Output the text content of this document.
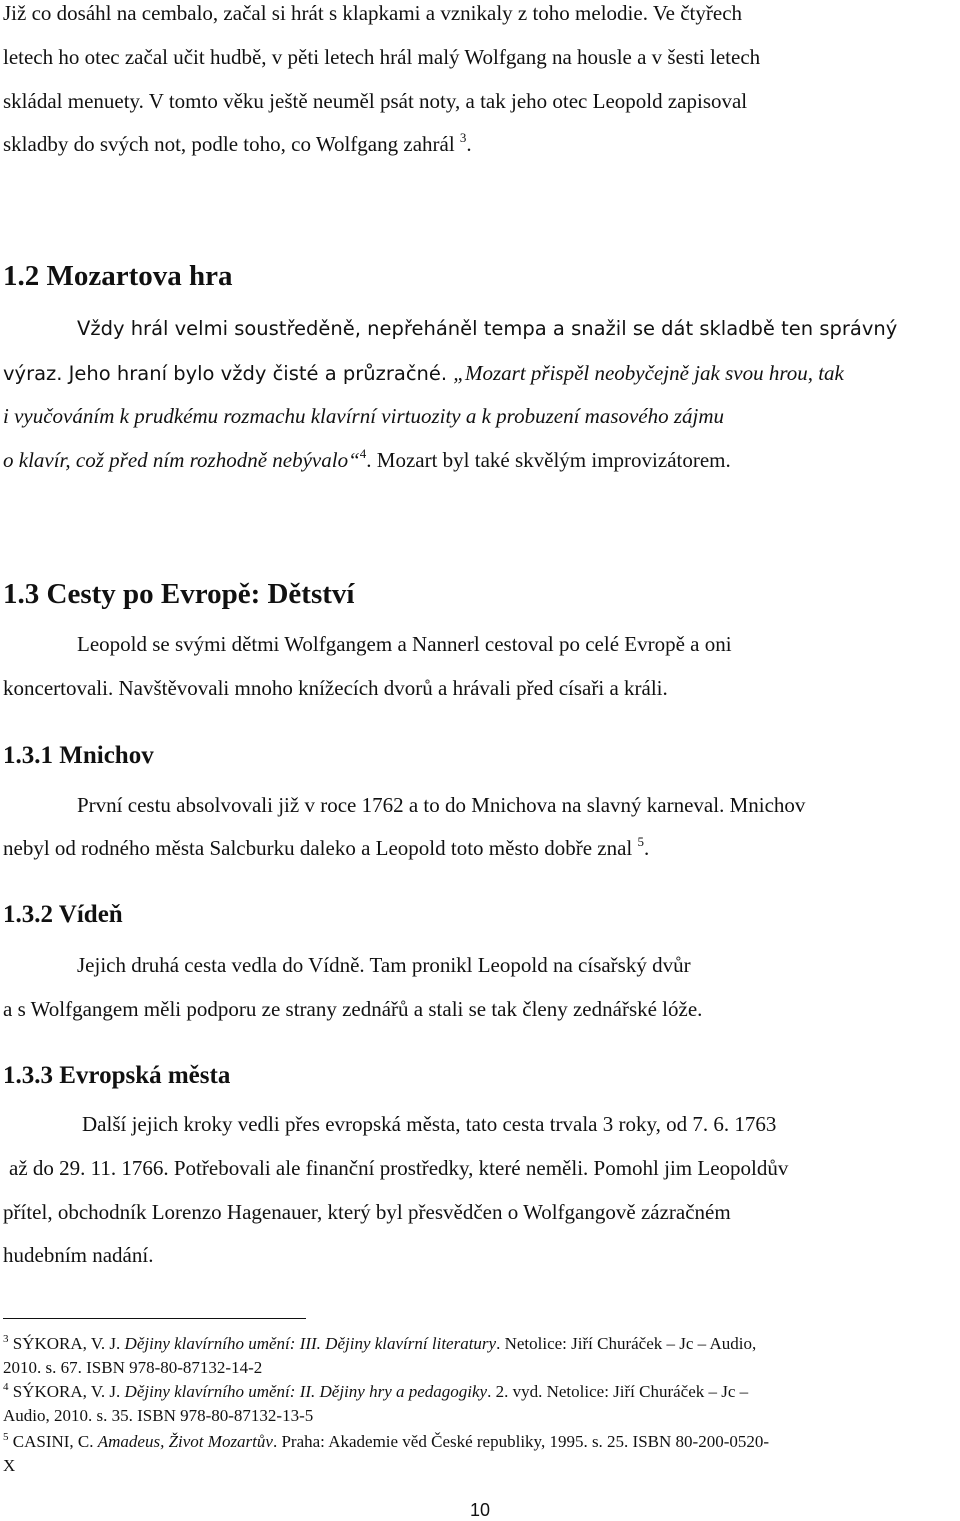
Již co dosáhl na cembalo, začal si hrát s klapkami a vznikaly z toho melodie. Ve čtyřech
letech ho otec začal učit hudbě, v pěti letech hrál malý Wolfgang na housle a v šesti letech
skládal menuety. V tomto věku ještě neuměl psát noty, a tak jeho otec Leopold zapisoval
skladby do svých not, podle toho, co Wolfgang zahrál $^3$.
1.2 Mozartova hra
Vždy hrál velmi soustředěně, nepřeháněl tempa a snažil se dát skladbě ten správný
výraz. Jeho hraní bylo vždy čisté a průzračné. „Mozart přispěl neobyčejně jak svou hrou, tak
i vyučováním k prudkému rozmachu klavírní virtuozity a k probuzení masového zájmu
o klavír, což před ním rozhodně nebývalo“$^4$. Mozart byl také skvělým improvizátorem.
1.3 Cesty po Evropě: Dětství
Leopold se svými dětmi Wolfgangem a Nannerl cestoval po celé Evropě a oni
koncertovali. Navštěvovali mnoho knížecích dvorů a hrávali před císaři a králi.
1.3.1 Mnichov
První cestu absolvovali již v roce 1762 a to do Mnichova na slavný karneval. Mnichov
nebyl od rodného města Salcburku daleko a Leopold toto město dobře znal $^5$.
1.3.2 Vídeň
Jejich druhá cesta vedla do Vídně. Tam pronikl Leopold na císařský dvůr
a s Wolfgangem měli podporu ze strany zednářů a stali se tak členy zednářské lóže.
1.3.3 Evropská města
Další jejich kroky vedli přes evropská města, tato cesta trvala 3 roky, od 7. 6. 1763
až do 29. 11. 1766. Potřebovali ale finanční prostředky, které neměli. Pomohl jim Leopoldův
přítel, obchodník Lorenzo Hagenauer, který byl přesvědčen o Wolfgangově zázračném
hudebním nadání.
$^3$ SÝKORA, V. J. Dějiny klavírního umění: III. Dějiny klavírní literatury. Netolice: Jiří Churáček – Jc – Audio,
2010. s. 67. ISBN 978-80-87132-14-2
$^4$ SÝKORA, V. J. Dějiny klavírního umění: II. Dějiny hry a pedagogiky. 2. vyd. Netolice: Jiří Churáček – Jc –
Audio, 2010. s. 35. ISBN 978-80-87132-13-5
$^5$ CASINI, C. Amadeus, Život Mozartův. Praha: Akademie věd České republiky, 1995. s. 25. ISBN 80-200-0520-
X
10
